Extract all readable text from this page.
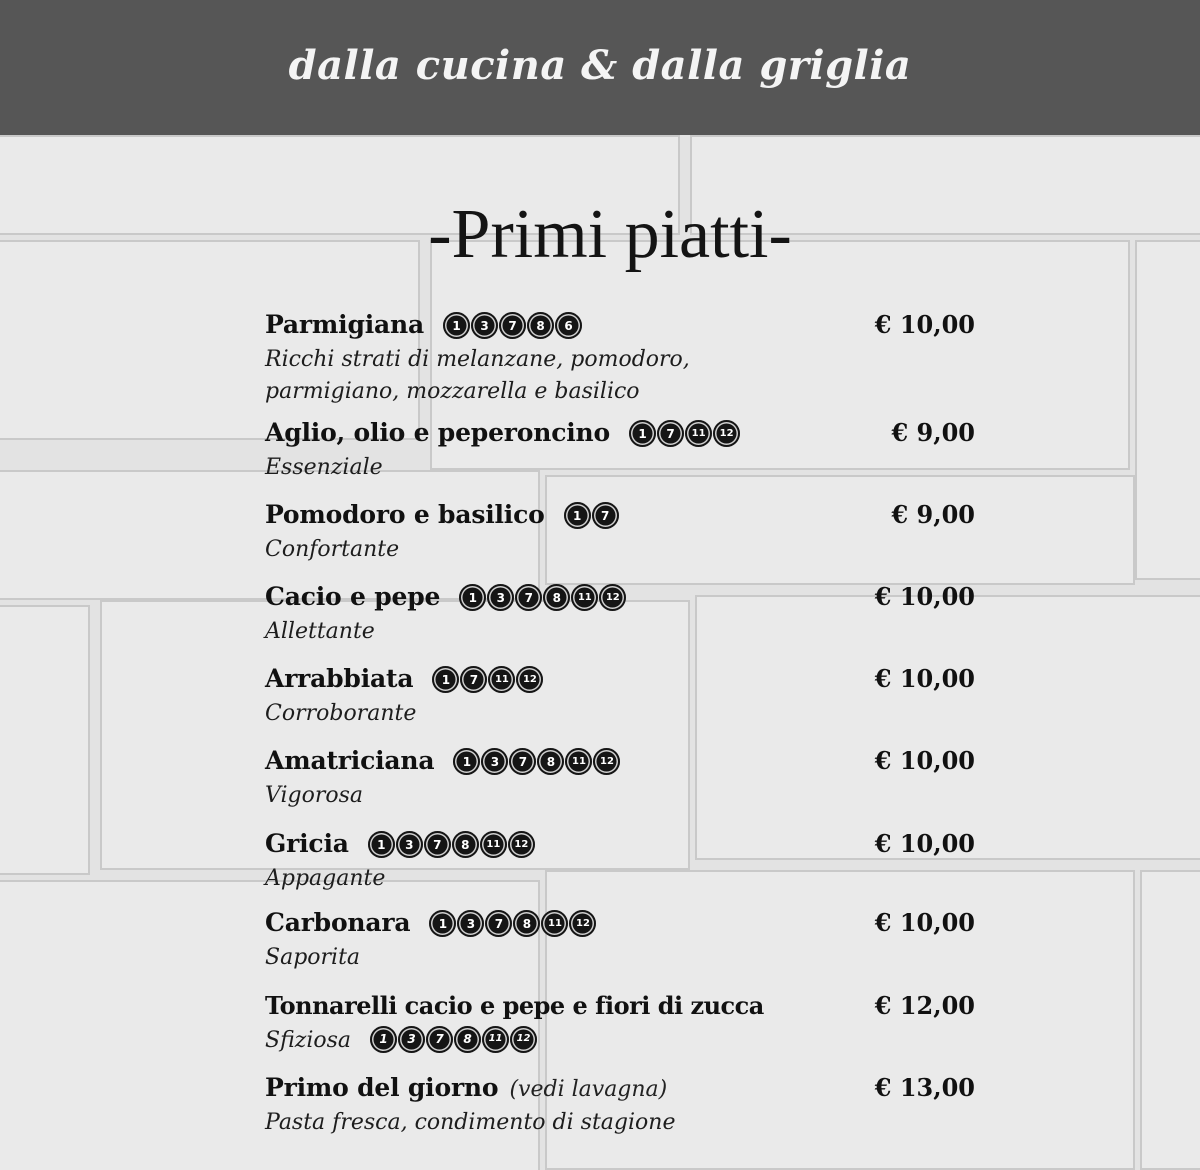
dalla cucina & dalla griglia
-Primi piatti-
Parmigiana	1	3	7	8	6	€ 10,00
Ricchi strati di melanzane, pomodoro,
parmigiano, mozzarella e basilico
Aglio, olio e peperoncino	1	7	11	12	€ 9,00
Essenziale
Pomodoro e basilico	1	7	€ 9,00
Confortante
Cacio e pepe	1	3	7	8	11	12	€ 10,00
Allettante
Arrabbiata	1	7	11	12	€ 10,00
Corroborante
Amatriciana	1	3	7	8	11	12	€ 10,00
Vigorosa
Gricia	1	3	7	8	11	12	€ 10,00
Appagante
Carbonara	1	3	7	8	11	12	€ 10,00
Saporita
Tonnarelli cacio e pepe e fiori di zucca	€ 12,00
Sfiziosa	1	3	7	8	11	12
Primo del giorno (vedi lavagna)	€ 13,00
Pasta fresca, condimento di stagione
